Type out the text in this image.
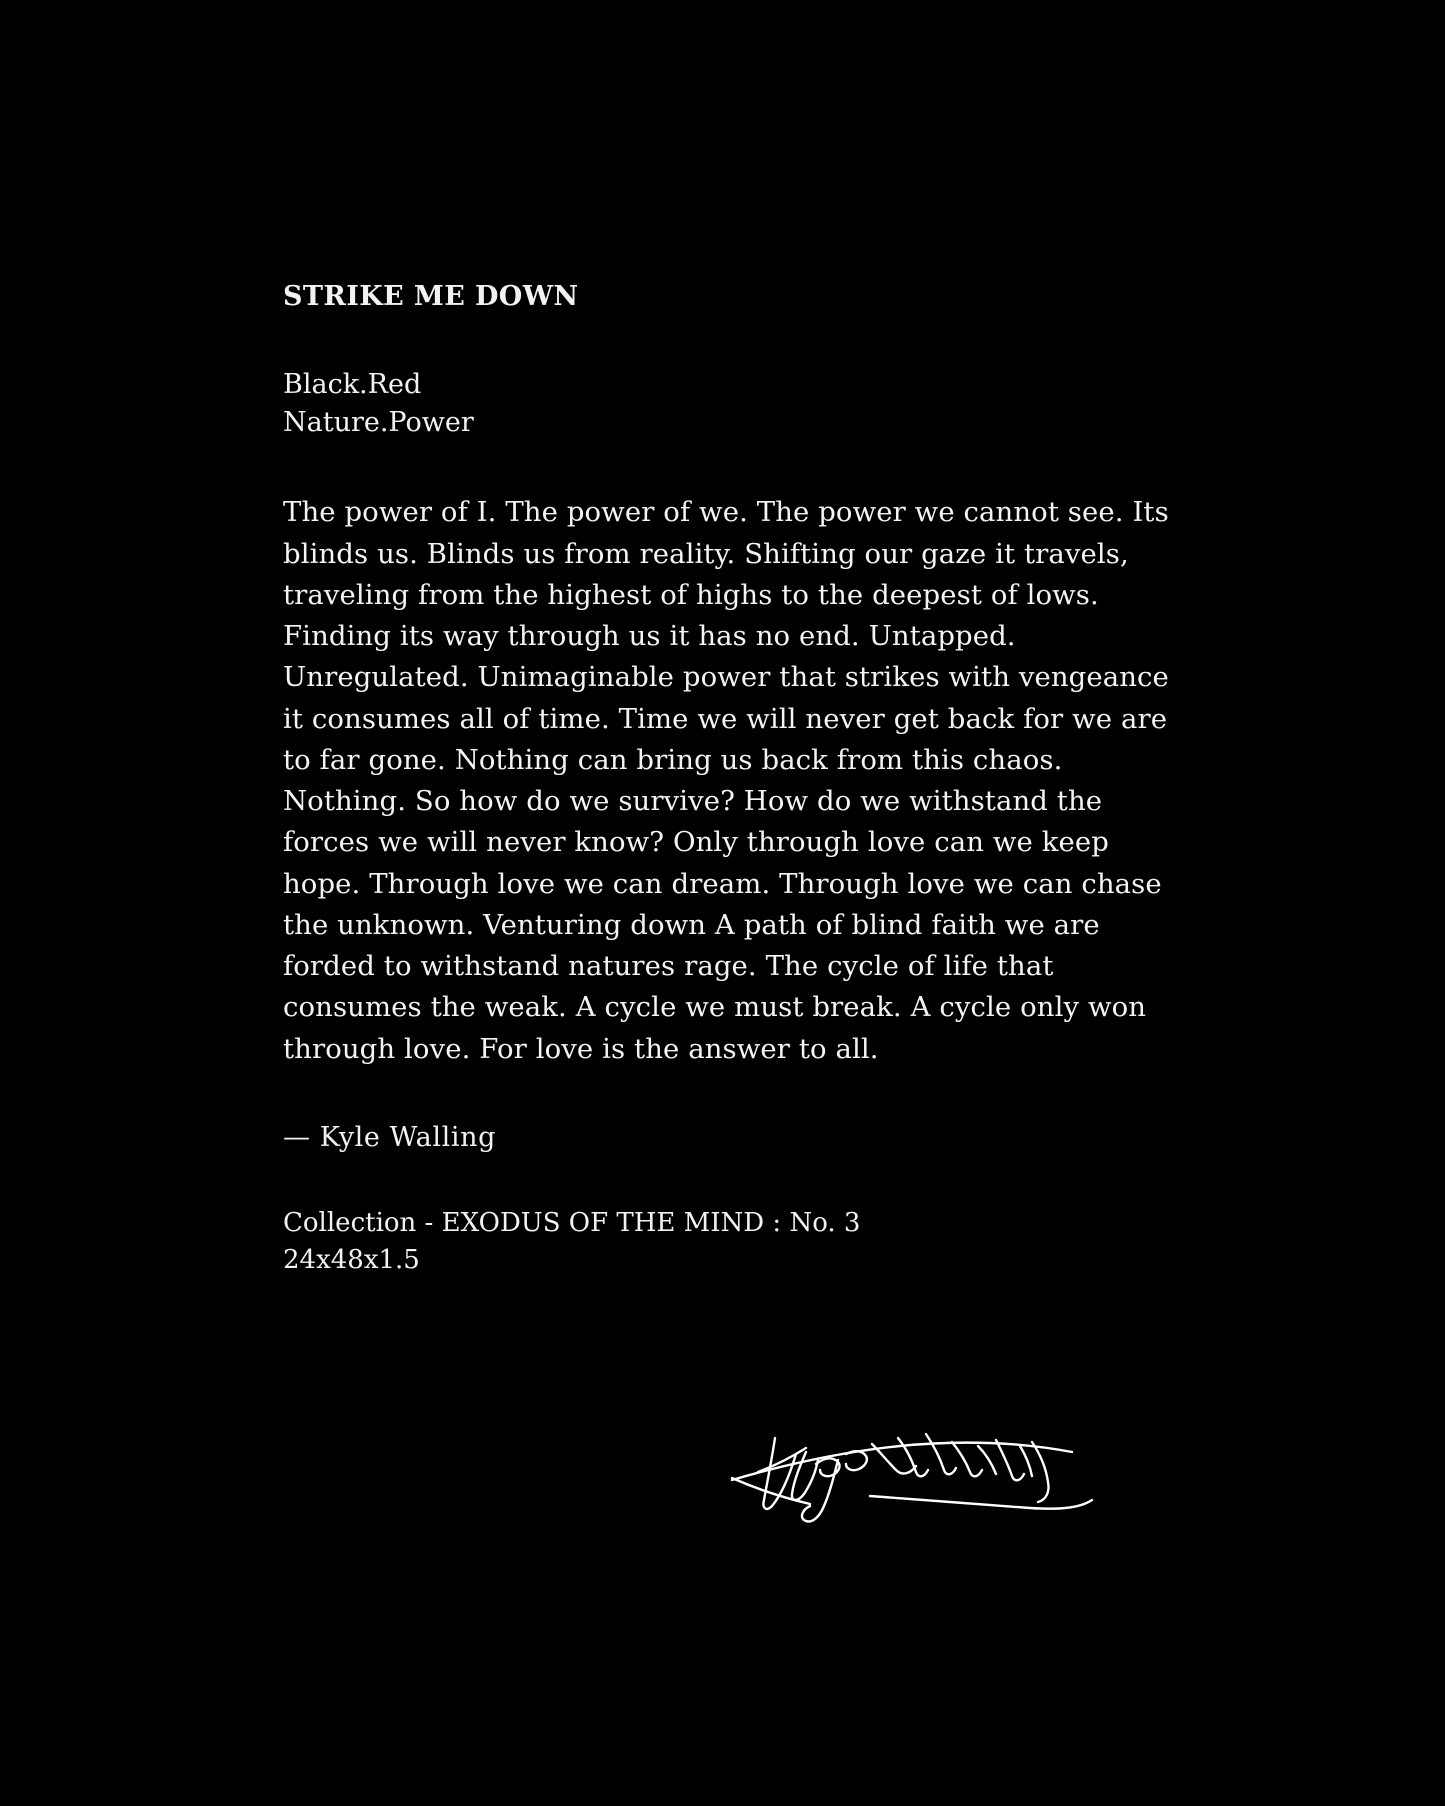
STRIKE ME DOWN
Black.Red
Nature.Power

The power of I. The power of we. The power we cannot see. Its blinds us. Blinds us from reality. Shifting our gaze it travels, traveling from the highest of highs to the deepest of lows. Finding its way through us it has no end. Untapped. Unregulated. Unimaginable power that strikes with vengeance it consumes all of time. Time we will never get back for we are to far gone. Nothing can bring us back from this chaos. Nothing. So how do we survive? How do we withstand the forces we will never know? Only through love can we keep hope. Through love we can dream. Through love we can chase the unknown. Venturing down A path of blind faith we are forded to withstand natures rage. The cycle of life that consumes the weak. A cycle we must break. A cycle only won through love. For love is the answer to all.

— Kyle Walling
Collection - EXODUS OF THE MIND : No. 3
24x48x1.5
